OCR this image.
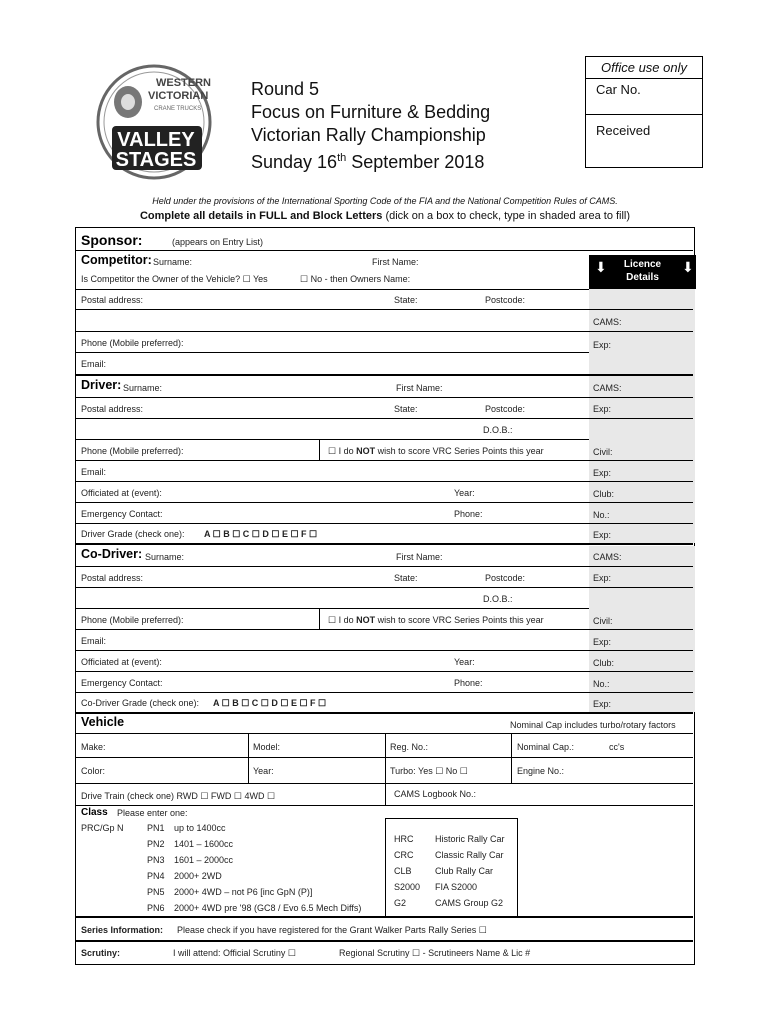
WESTERN
VICTORIAN
CRANE TRUCKS
VALLEY
STAGES
Round 5
Focus on Furniture & Bedding
Victorian Rally Championship
Sunday 16th September 2018
Office use only
Car No.
Received
Held under the provisions of the International Sporting Code of the FIA and the National Competition Rules of CAMS.
Complete all details in FULL and Block Letters (dick on a box to check, type in shaded area to fill)
Licence
Details
⬇	⬇
Sponsor:	(appears on Entry List)
Competitor: Surname:	First Name:
Is Competitor the Owner of the Vehicle? ☐ Yes	☐ No - then Owners Name:
Postal address:	State:	Postcode:
CAMS:
Phone (Mobile preferred):	Exp:
Email:
Driver: Surname:	First Name:	CAMS:
Postal address:	State:	Postcode:	Exp:
D.O.B.:
Phone (Mobile preferred):	☐ I do NOT wish to score VRC Series Points this year	Civil:
Email:	Exp:
Officiated at (event):	Year:	Club:
Emergency Contact:	Phone:	No.:
Driver Grade (check one): A ☐ B ☐ C ☐ D ☐ E ☐ F ☐	Exp:
Co-Driver: Surname:	First Name:	CAMS:
Postal address:	State:	Postcode:	Exp:
D.O.B.:
Phone (Mobile preferred):	☐ I do NOT wish to score VRC Series Points this year	Civil:
Email:	Exp:
Officiated at (event):	Year:	Club:
Emergency Contact:	Phone:	No.:
Co-Driver Grade (check one): A ☐ B ☐ C ☐ D ☐ E ☐ F ☐	Exp:
Vehicle	Nominal Cap includes turbo/rotary factors
Make:	Model:	Reg. No.:	Nominal Cap.:	cc's
Color:	Year:	Turbo: Yes ☐ No ☐	Engine No.:
Drive Train (check one) RWD ☐ FWD ☐ 4WD ☐	CAMS Logbook No.:
Class Please enter one:
PRC/Gp N	PN1 up to 1400cc
PN2 1401 – 1600cc
PN3 1601 – 2000cc
PN4 2000+ 2WD
PN5 2000+ 4WD – not P6 [inc GpN (P)]
PN6 2000+ 4WD pre '98 (GC8 / Evo 6.5 Mech Diffs)
HRC Historic Rally Car
CRC Classic Rally Car
CLB	Club Rally Car
S2000 FIA S2000
G2	CAMS Group G2
Series Information: Please check if you have registered for the Grant Walker Parts Rally Series ☐
Scrutiny:	I will attend: Official Scrutiny ☐	Regional Scrutiny ☐ - Scrutineers Name & Lic #
